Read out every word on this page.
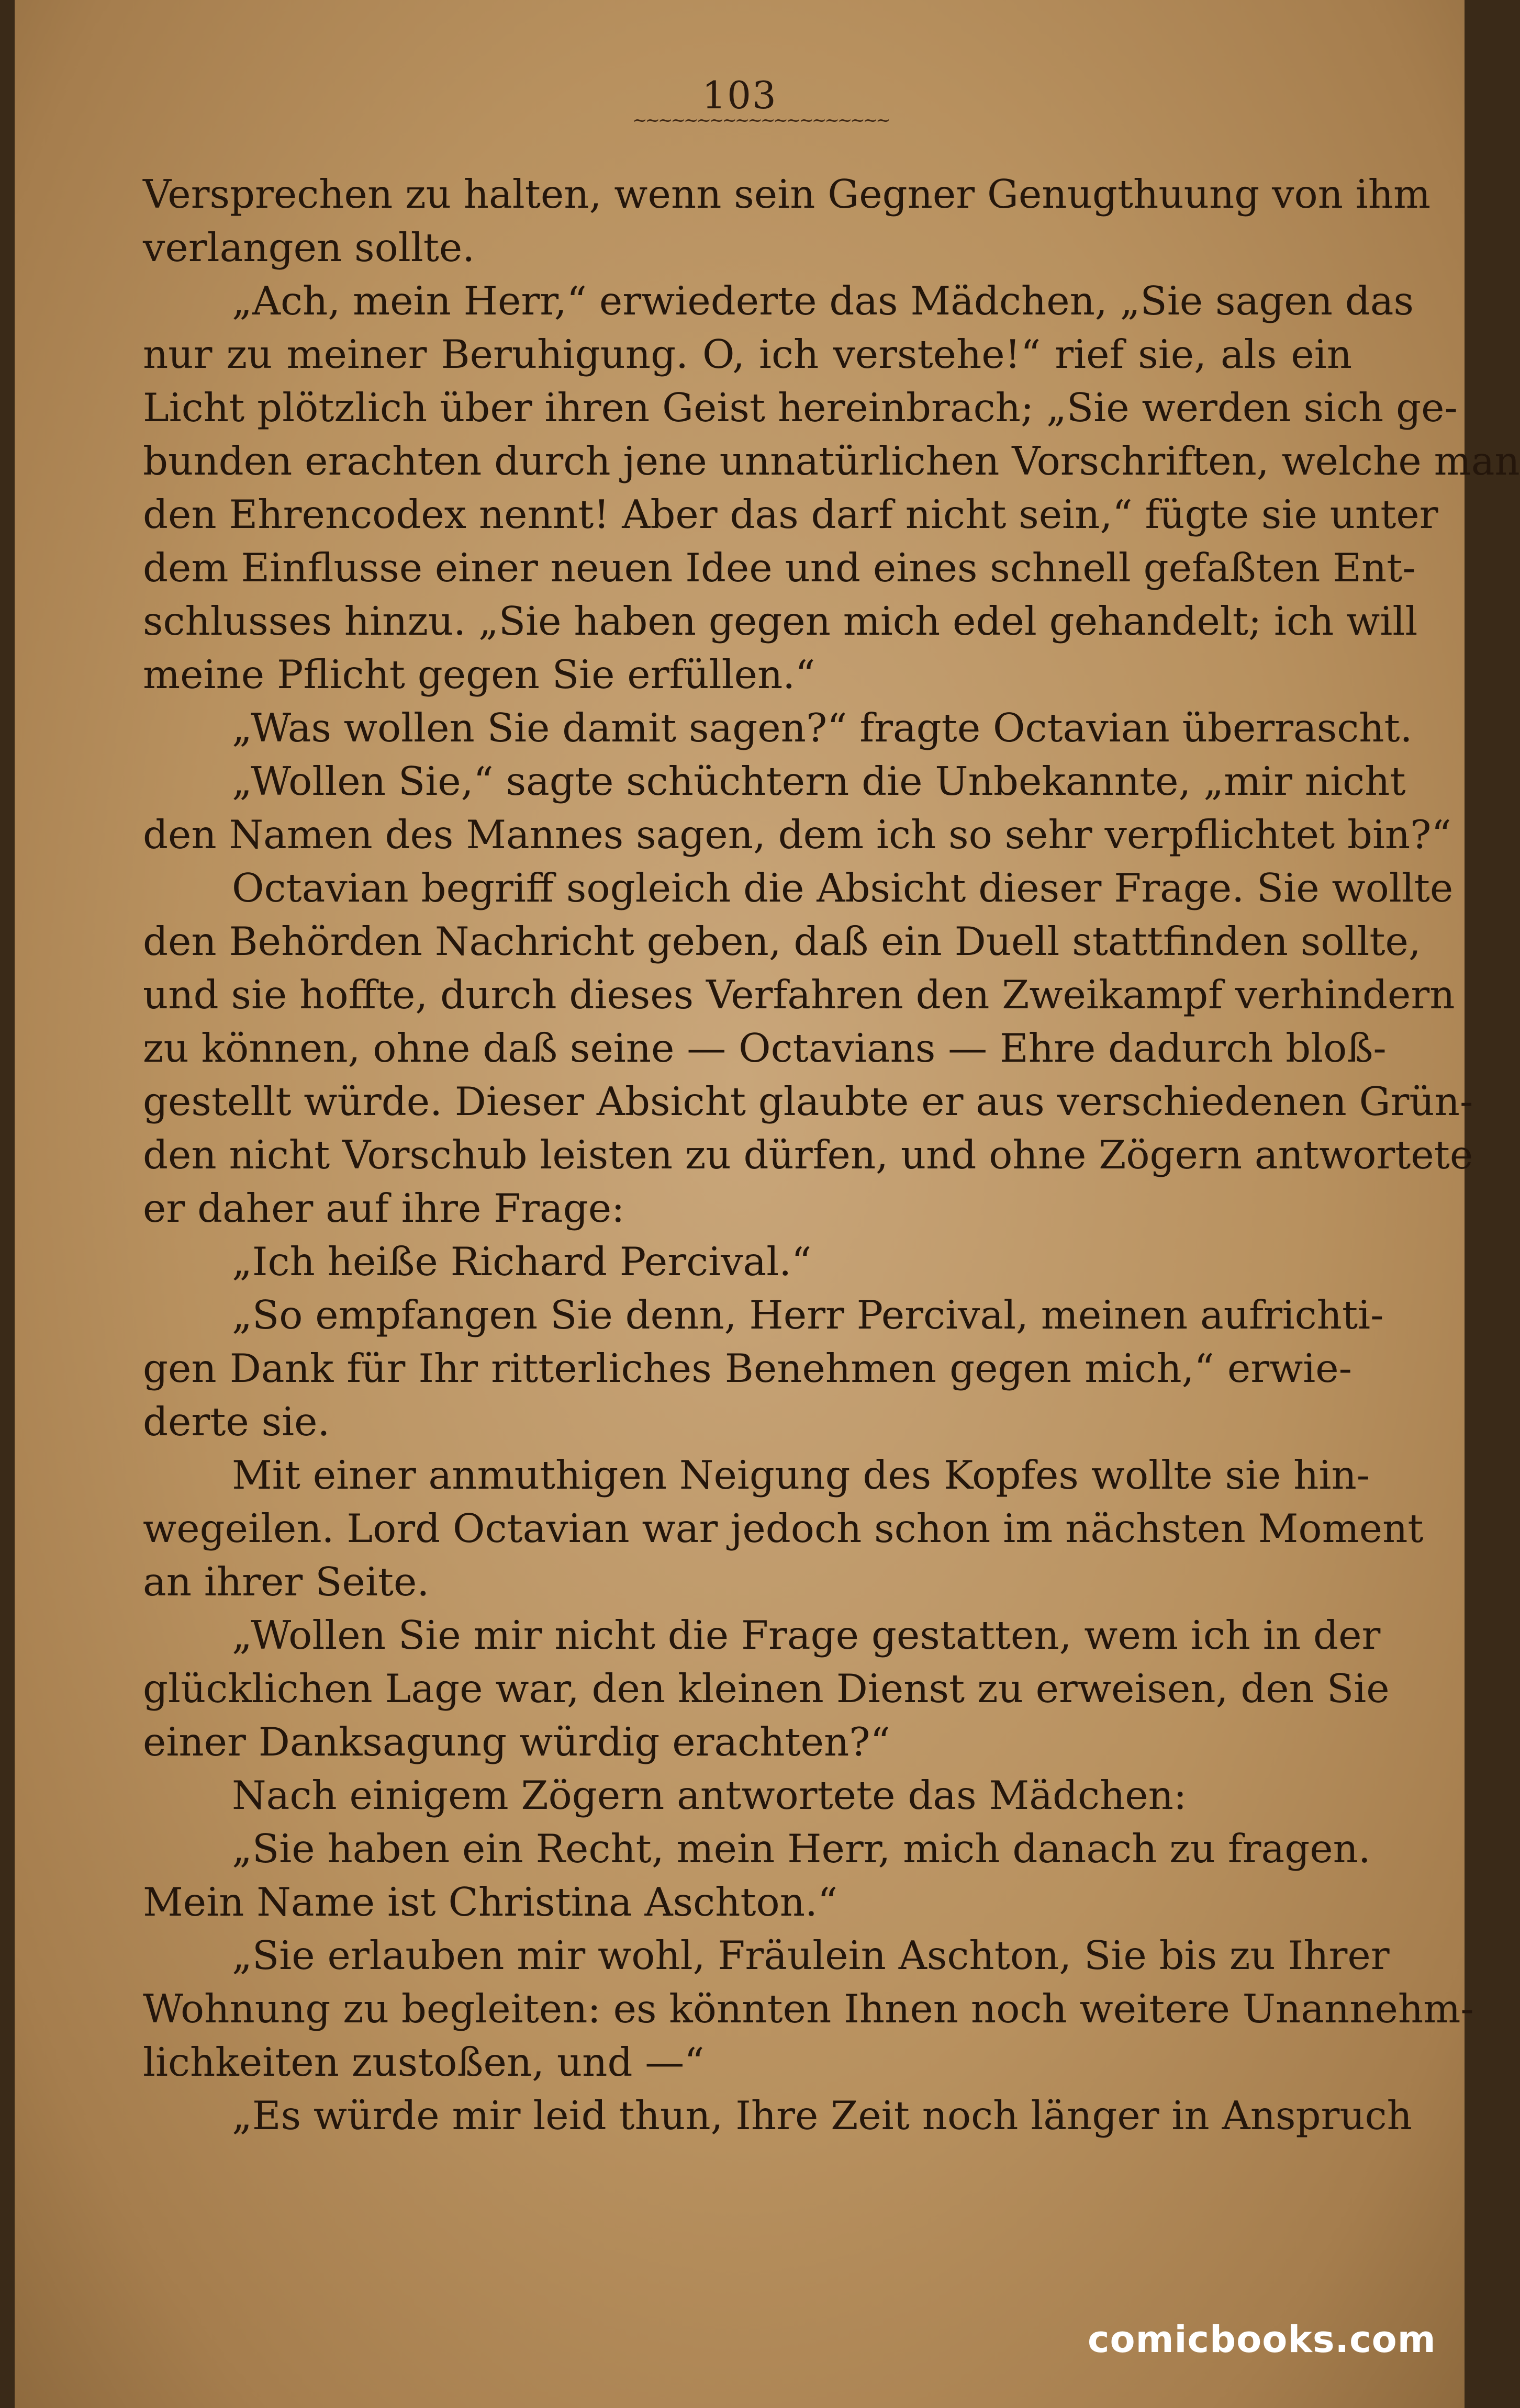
103
~~~~~~~~~~~~~~~~~~~~
Versprechen zu halten, wenn sein Gegner Genugthuung von ihm
verlangen sollte.
„Ach, mein Herr,“ erwiederte das Mädchen, „Sie sagen das
nur zu meiner Beruhigung. O, ich verstehe!“ rief sie, als ein
Licht plötzlich über ihren Geist hereinbrach; „Sie werden sich ge-
bunden erachten durch jene unnatürlichen Vorschriften, welche man
den Ehrencodex nennt! Aber das darf nicht sein,“ fügte sie unter
dem Einflusse einer neuen Idee und eines schnell gefaßten Ent-
schlusses hinzu. „Sie haben gegen mich edel gehandelt; ich will
meine Pflicht gegen Sie erfüllen.“
„Was wollen Sie damit sagen?“ fragte Octavian überrascht.
„Wollen Sie,“ sagte schüchtern die Unbekannte, „mir nicht
den Namen des Mannes sagen, dem ich so sehr verpflichtet bin?“
Octavian begriff sogleich die Absicht dieser Frage. Sie wollte
den Behörden Nachricht geben, daß ein Duell stattfinden sollte,
und sie hoffte, durch dieses Verfahren den Zweikampf verhindern
zu können, ohne daß seine — Octavians — Ehre dadurch bloß-
gestellt würde. Dieser Absicht glaubte er aus verschiedenen Grün-
den nicht Vorschub leisten zu dürfen, und ohne Zögern antwortete
er daher auf ihre Frage:
„Ich heiße Richard Percival.“
„So empfangen Sie denn, Herr Percival, meinen aufrichti-
gen Dank für Ihr ritterliches Benehmen gegen mich,“ erwie-
derte sie.
Mit einer anmuthigen Neigung des Kopfes wollte sie hin-
wegeilen. Lord Octavian war jedoch schon im nächsten Moment
an ihrer Seite.
„Wollen Sie mir nicht die Frage gestatten, wem ich in der
glücklichen Lage war, den kleinen Dienst zu erweisen, den Sie
einer Danksagung würdig erachten?“
Nach einigem Zögern antwortete das Mädchen:
„Sie haben ein Recht, mein Herr, mich danach zu fragen.
Mein Name ist Christina Aschton.“
„Sie erlauben mir wohl, Fräulein Aschton, Sie bis zu Ihrer
Wohnung zu begleiten: es könnten Ihnen noch weitere Unannehm-
lichkeiten zustoßen, und —“
„Es würde mir leid thun, Ihre Zeit noch länger in Anspruch
comicbooks.com
